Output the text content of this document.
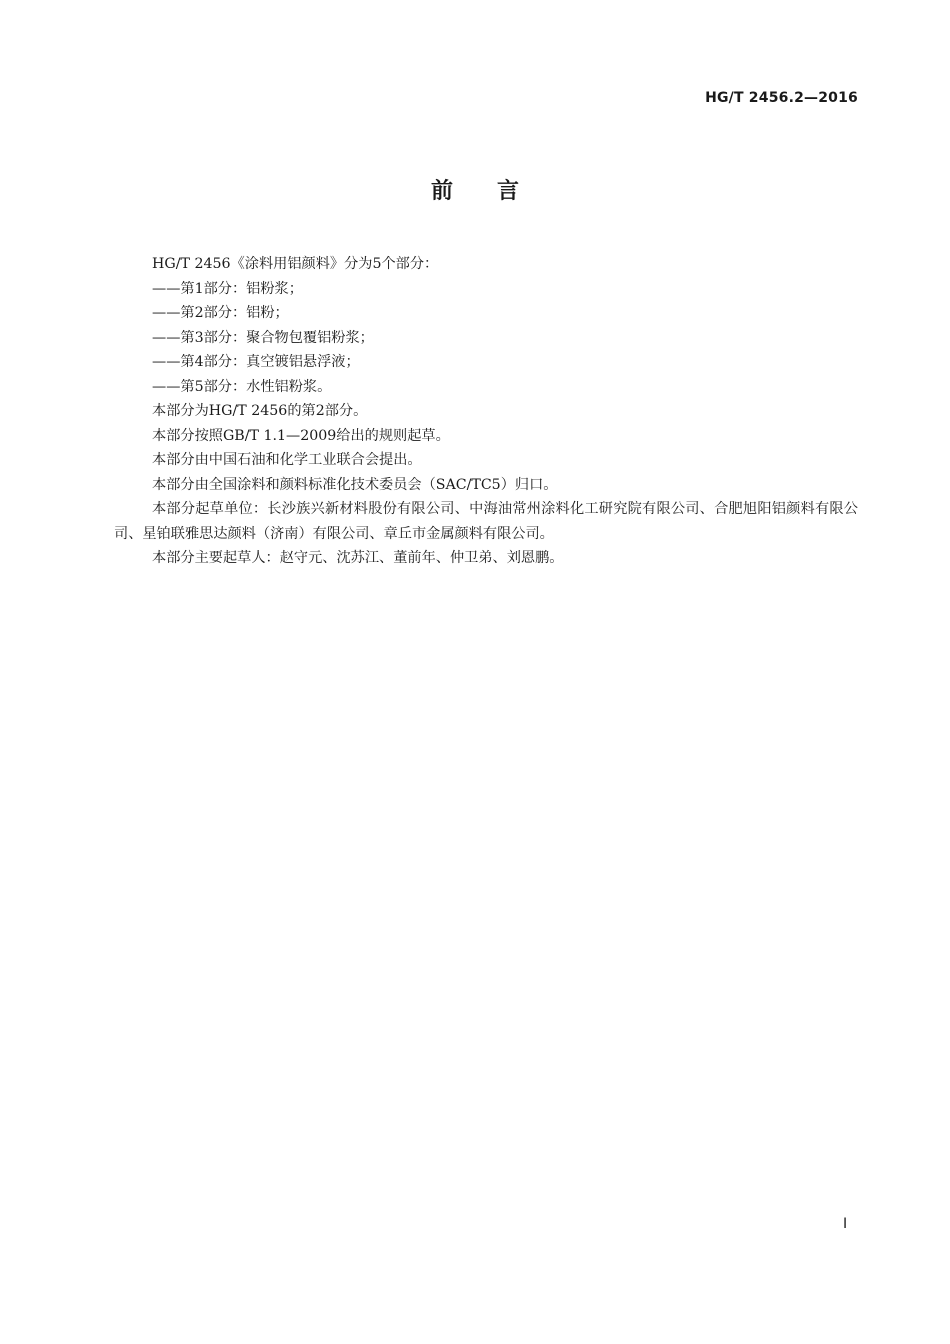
HG/T 2456.2—2016
前 言

HG/T 2456《涂料用铝颜料》分为5个部分：

——第1部分：铝粉浆；

——第2部分：铝粉；

——第3部分：聚合物包覆铝粉浆；

——第4部分：真空镀铝悬浮液；

——第5部分：水性铝粉浆。

本部分为HG/T 2456的第2部分。

本部分按照GB/T 1.1—2009给出的规则起草。

本部分由中国石油和化学工业联合会提出。

本部分由全国涂料和颜料标准化技术委员会（SAC/TC5）归口。

本部分起草单位：长沙族兴新材料股份有限公司、中海油常州涂料化工研究院有限公司、合肥旭阳铝颜料有限公司、星铂联雅思达颜料（济南）有限公司、章丘市金属颜料有限公司。

本部分主要起草人：赵守元、沈苏江、董前年、仲卫弟、刘恩鹏。

I
